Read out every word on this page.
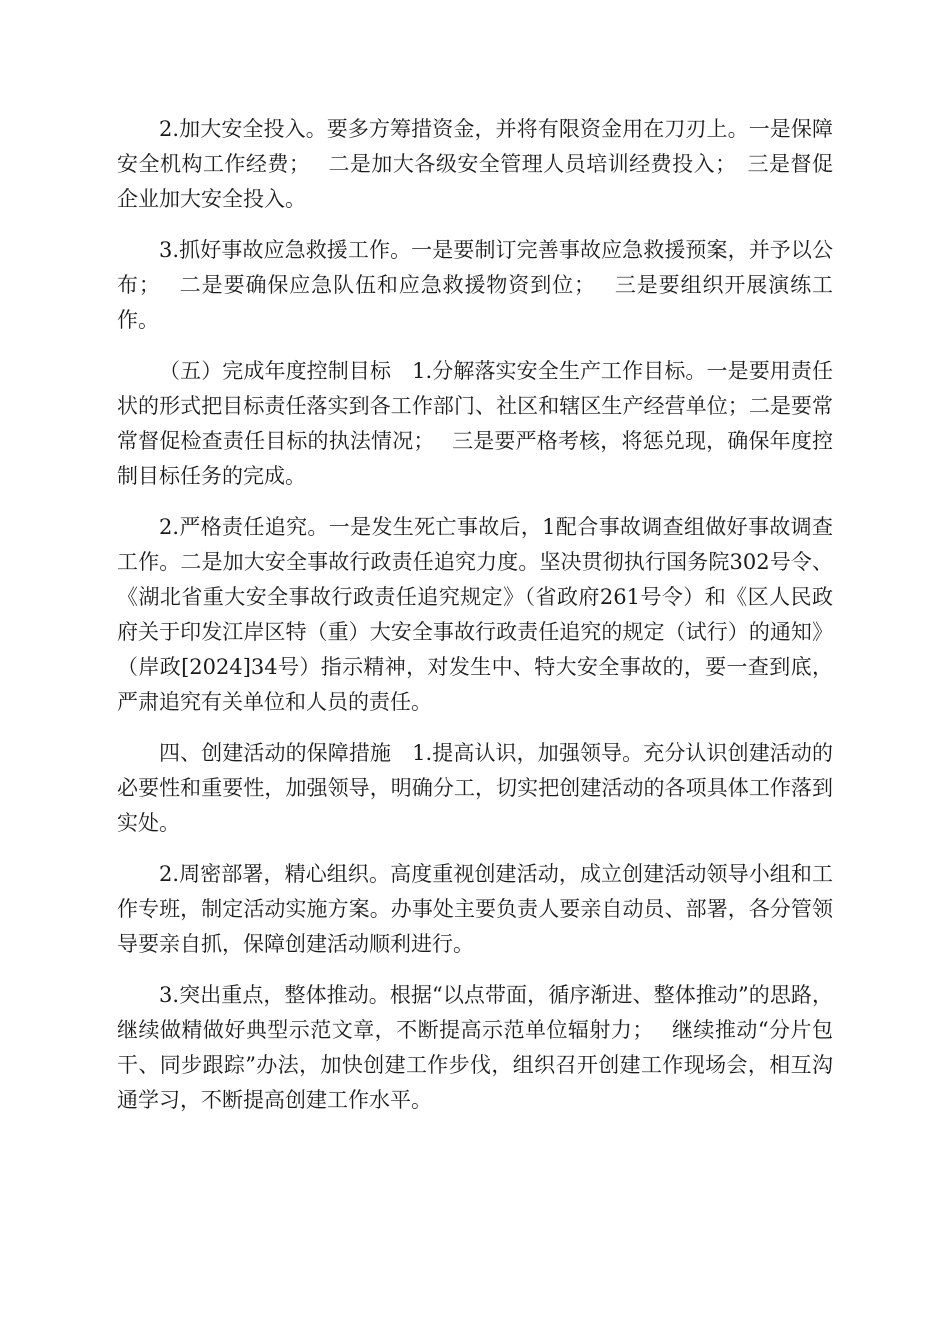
2.加大安全投入。要多方筹措资金，并将有限资金用在刀刃上。一是保障安全机构工作经费；　 二是加大各级安全管理人员培训经费投入；　三是督促企业加大安全投入。

3.抓好事故应急救援工作。一是要制订完善事故应急救援预案，并予以公布；　 二是要确保应急队伍和应急救援物资到位；　 三是要组织开展演练工作。

（五）完成年度控制目标　1.分解落实安全生产工作目标。一是要用责任状的形式把目标责任落实到各工作部门、社区和辖区生产经营单位；二是要常常督促检查责任目标的执法情况；　 三是要严格考核，将惩兑现，确保年度控制目标任务的完成。

2.严格责任追究。一是发生死亡事故后，1配合事故调查组做好事故调查工作。二是加大安全事故行政责任追究力度。坚决贯彻执行国务院302号令、《湖北省重大安全事故行政责任追究规定》（省政府261号令）和《区人民政府关于印发江岸区特（重）大安全事故行政责任追究的规定（试行）的通知》（岸政[2024]34号）指示精神，对发生中、特大安全事故的，要一查到底，严肃追究有关单位和人员的责任。

四、创建活动的保障措施　1.提高认识，加强领导。充分认识创建活动的必要性和重要性，加强领导，明确分工，切实把创建活动的各项具体工作落到实处。

2.周密部署，精心组织。高度重视创建活动，成立创建活动领导小组和工作专班，制定活动实施方案。办事处主要负责人要亲自动员、部署，各分管领导要亲自抓，保障创建活动顺利进行。

3.突出重点，整体推动。根据“以点带面，循序渐进、整体推动”的思路，继续做精做好典型示范文章，不断提高示范单位辐射力；　 继续推动“分片包干、同步跟踪”办法，加快创建工作步伐，组织召开创建工作现场会，相互沟通学习，不断提高创建工作水平。
